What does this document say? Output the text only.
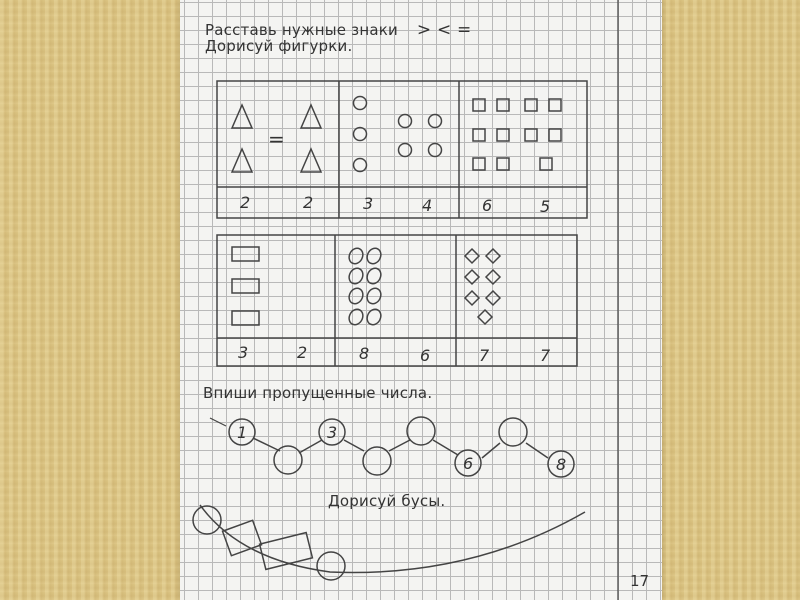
Расставь нужные знаки > < =
Дорисуй фигурки.
Впиши пропущенные числа.
Дорисуй бусы.
2	2	3	4	6	5
3	2	8	6	7	7
=
1	3
6	8
17
